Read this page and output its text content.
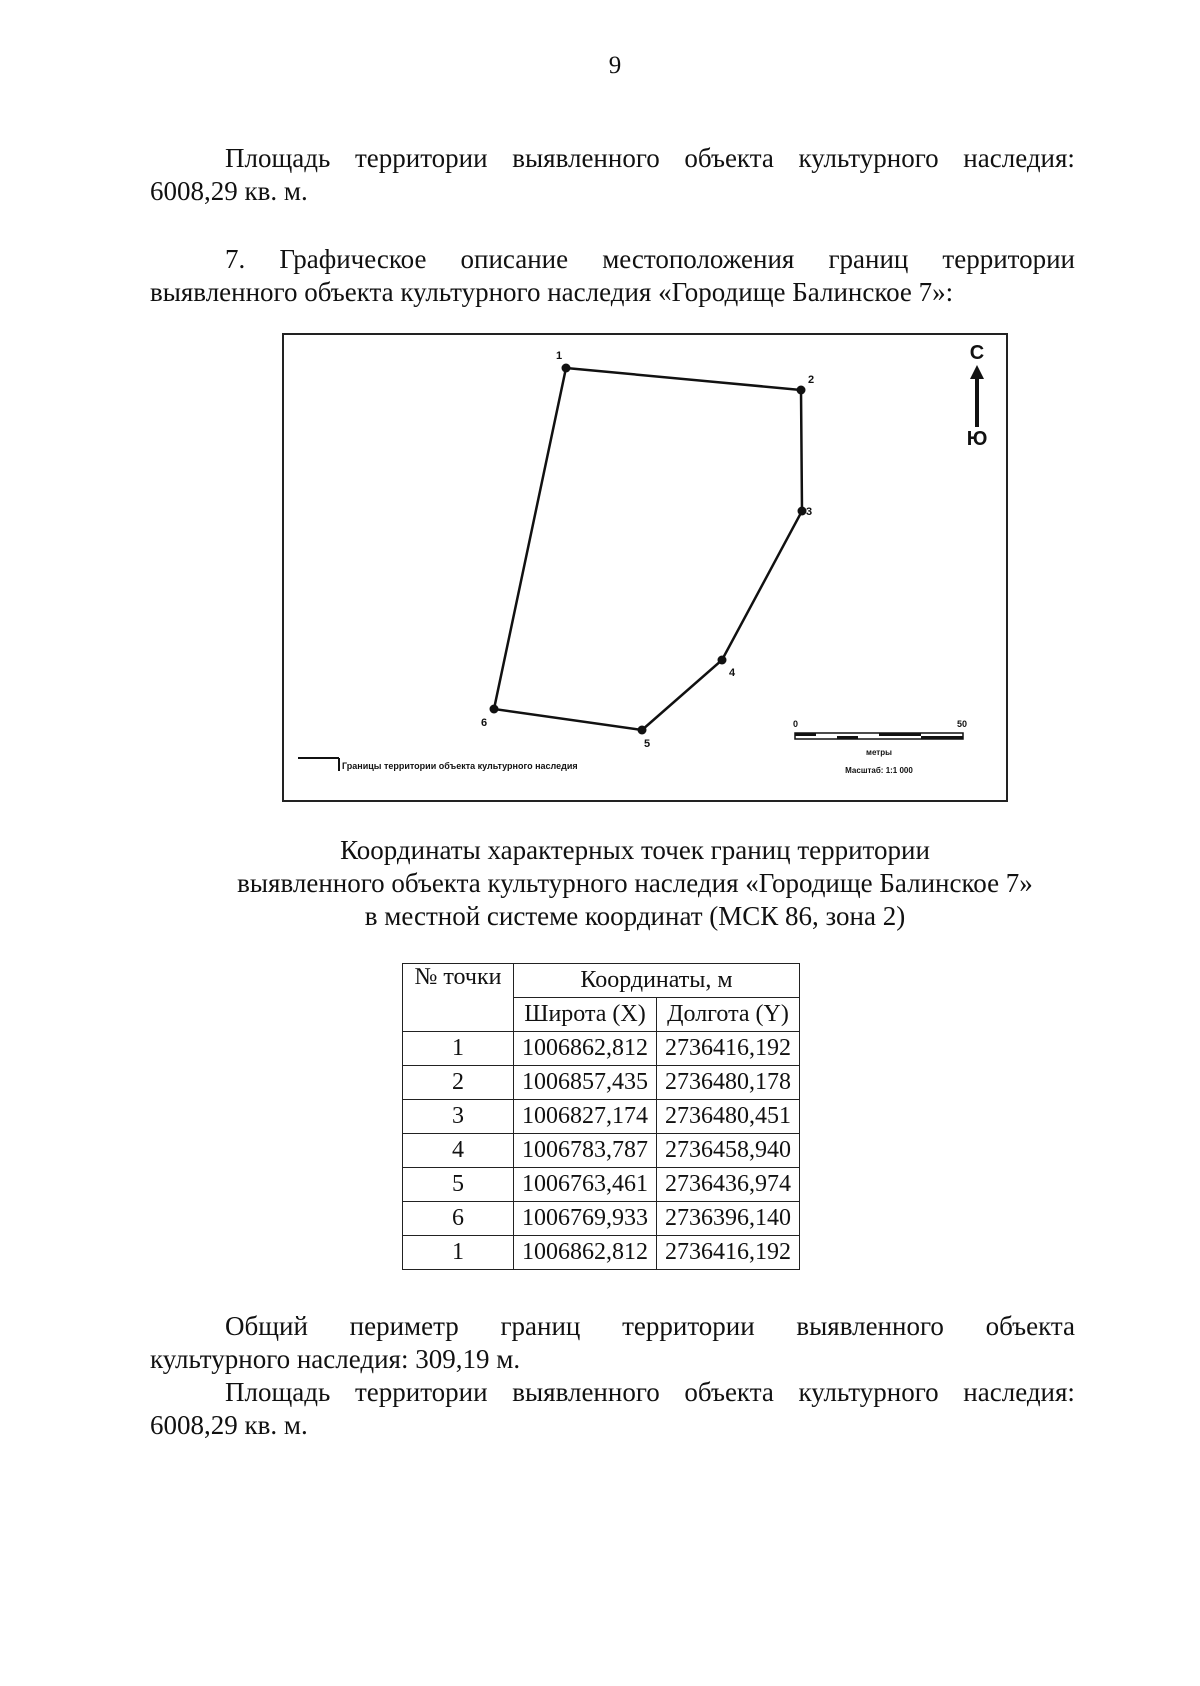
9
Площадь территории выявленного объекта культурного наследия:
6008,29 кв. м.
7. Графическое описание местоположения границ территории
выявленного объекта культурного наследия «Городище Балинское 7»:
1
2
3
4
5
6
С
Ю
Границы территории объекта культурного наследия
0	50
метры
Масштаб: 1:1 000
Координаты характерных точек границ территории
выявленного объекта культурного наследия «Городище Балинское 7»
в местной системе координат (МСК 86, зона 2)
№ точки	Координаты, м	
	Широта (X)	Долгота (Y)
1	1006862,812	2736416,192
2	1006857,435	2736480,178
3	1006827,174	2736480,451
4	1006783,787	2736458,940
5	1006763,461	2736436,974
6	1006769,933	2736396,140
1	1006862,812	2736416,192
Общий периметр границ территории выявленного объекта
культурного наследия: 309,19 м.
Площадь территории выявленного объекта культурного наследия:
6008,29 кв. м.
